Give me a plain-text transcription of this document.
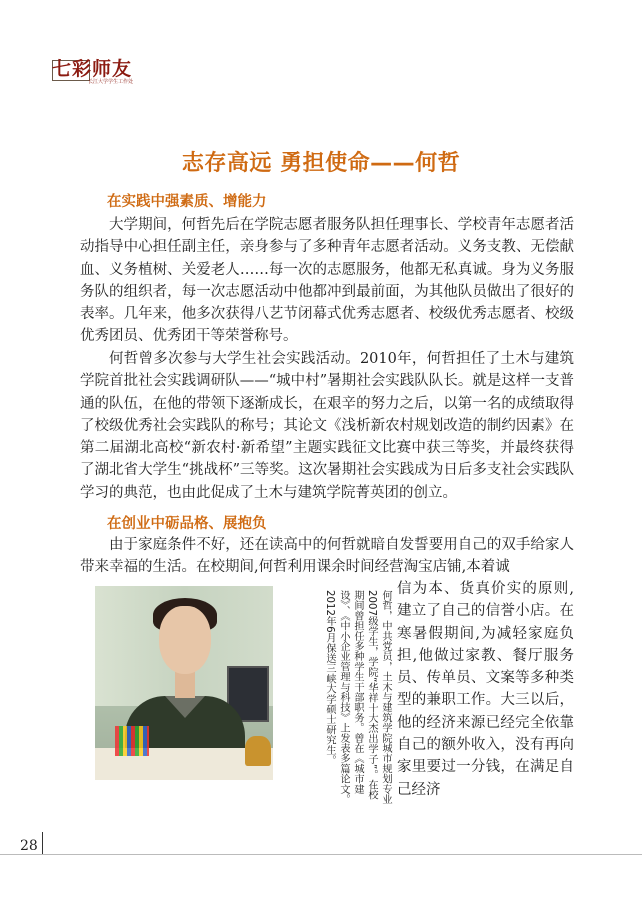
七彩师友
长江大学学生工作处
志存高远 勇担使命——何哲
在实践中强素质、增能力

大学期间，何哲先后在学院志愿者服务队担任理事长、学校青年志愿者活动指导中心担任副主任，亲身参与了多种青年志愿者活动。义务支教、无偿献血、义务植树、关爱老人……每一次的志愿服务，他都无私真诚。身为义务服务队的组织者，每一次志愿活动中他都冲到最前面，为其他队员做出了很好的表率。几年来，他多次获得八艺节闭幕式优秀志愿者、校级优秀志愿者、校级优秀团员、优秀团干等荣誉称号。

何哲曾多次参与大学生社会实践活动。2010年，何哲担任了土木与建筑学院首批社会实践调研队——“城中村”暑期社会实践队队长。就是这样一支普通的队伍，在他的带领下逐渐成长，在艰辛的努力之后，以第一名的成绩取得了校级优秀社会实践队的称号；其论文《浅析新农村规划改造的制约因素》在第二届湖北高校“新农村·新希望”主题实践征文比赛中获三等奖，并最终获得了湖北省大学生“挑战杯”三等奖。这次暑期社会实践成为日后多支社会实践队学习的典范，也由此促成了土木与建筑学院菁英团的创立。

在创业中砺品格、展抱负

由于家庭条件不好，还在读高中的何哲就暗自发誓要用自己的双手给家人带来幸福的生活。在校期间,何哲利用课余时间经营淘宝店铺,本着诚

信为本、货真价实的原则,建立了自己的信誉小店。在寒暑假期间,为减轻家庭负担,他做过家教、餐厅服务员、传单员、文案等多种类型的兼职工作。大三以后，他的经济来源已经完全依靠自己的额外收入，没有再向家里要过一分钱，在满足自己经济

何哲，中共党员，土木与建筑学院城市规划专业2007级学生，学院“华祥十大杰出学子”。在校期间曾担任多种学生干部职务。曾在《城市建设》、《中小企业管理与科技》上发表多篇论文。2012年6月保送三峡大学硕士研究生。
28
